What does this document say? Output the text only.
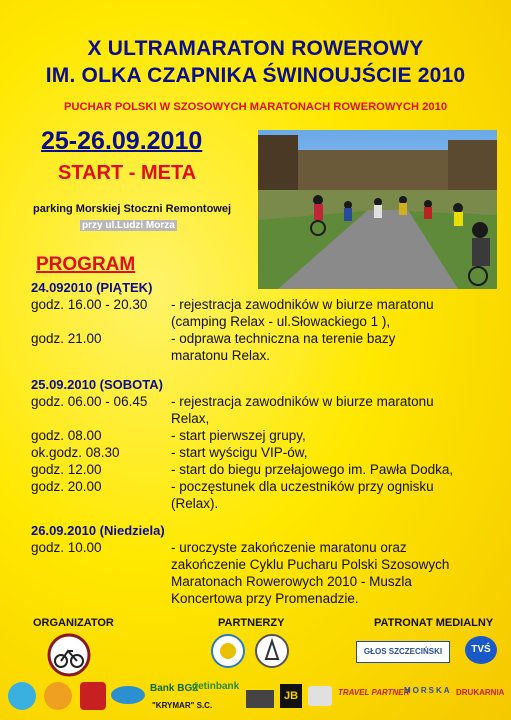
X ULTRAMARATON ROWEROWY
IM. OLKA CZAPNIKA ŚWINOUJŚCIE 2010
PUCHAR POLSKI W SZOSOWYCH MARATONACH ROWEROWYCH 2010
25-26.09.2010
START - META
parking Morskiej Stoczni Remontowej
przy ul.Ludzi Morza
PROGRAM
24.092010 (PIĄTEK)
godz. 16.00 - 20.30 - rejestracja zawodników w biurze maratonu
(camping Relax - ul.Słowackiego 1 ),
godz. 21.00	- odprawa techniczna na terenie bazy
maratonu Relax.
25.09.2010 (SOBOTA)
godz. 06.00 - 06.45 - rejestracja zawodników w biurze maratonu
Relax,
godz. 08.00	- start pierwszej grupy,
ok.godz. 08.30	- start wyścigu VIP-ów,
godz. 12.00	- start do biegu przełajowego im. Pawła Dodka,
godz. 20.00	- poczęstunek dla uczestników przy ognisku
(Relax).
26.09.2010 (Niedziela)
godz. 10.00	- uroczyste zakończenie maratonu oraz
zakończenie Cyklu Pucharu Polski Szosowych
Maratonach Rowerowych 2010 - Muszla
Koncertowa przy Promenadzie.
ORGANIZATOR	PARTNERZY	PATRONAT MEDIALNY
GŁOS SZCZECIŃSKI	TVŚ
Bank BGŹ
getinbank
"KRYMAR" S.C.
JB	TRAVEL PARTNER
MORSKA DRUKARNIA
